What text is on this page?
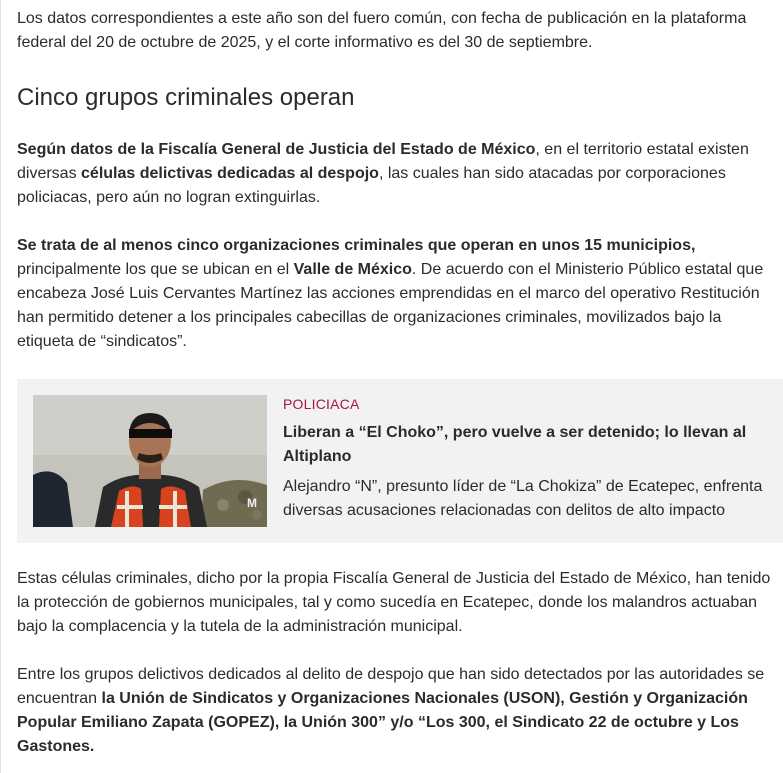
Los datos correspondientes a este año son del fuero común, con fecha de publicación en la plataforma federal del 20 de octubre de 2025, y el corte informativo es del 30 de septiembre.

Cinco grupos criminales operan

Según datos de la Fiscalía General de Justicia del Estado de México, en el territorio estatal existen diversas células delictivas dedicadas al despojo, las cuales han sido atacadas por corporaciones policiacas, pero aún no logran extinguirlas.

Se trata de al menos cinco organizaciones criminales que operan en unos 15 municipios, principalmente los que se ubican en el Valle de México. De acuerdo con el Ministerio Público estatal que encabeza José Luis Cervantes Martínez las acciones emprendidas en el marco del operativo Restitución han permitido detener a los principales cabecillas de organizaciones criminales, movilizados bajo la etiqueta de “sindicatos”.

M
POLICIACA
Liberan a “El Choko”, pero vuelve a ser detenido; lo llevan al Altiplano

Alejandro “N”, presunto líder de “La Chokiza” de Ecatepec, enfrenta diversas acusaciones relacionadas con delitos de alto impacto

Estas células criminales, dicho por la propia Fiscalía General de Justicia del Estado de México, han tenido la protección de gobiernos municipales, tal y como sucedía en Ecatepec, donde los malandros actuaban bajo la complacencia y la tutela de la administración municipal.

Entre los grupos delictivos dedicados al delito de despojo que han sido detectados por las autoridades se encuentran la Unión de Sindicatos y Organizaciones Nacionales (USON), Gestión y Organización Popular Emiliano Zapata (GOPEZ), la Unión 300” y/o “Los 300, el Sindicato 22 de octubre y Los Gastones.
